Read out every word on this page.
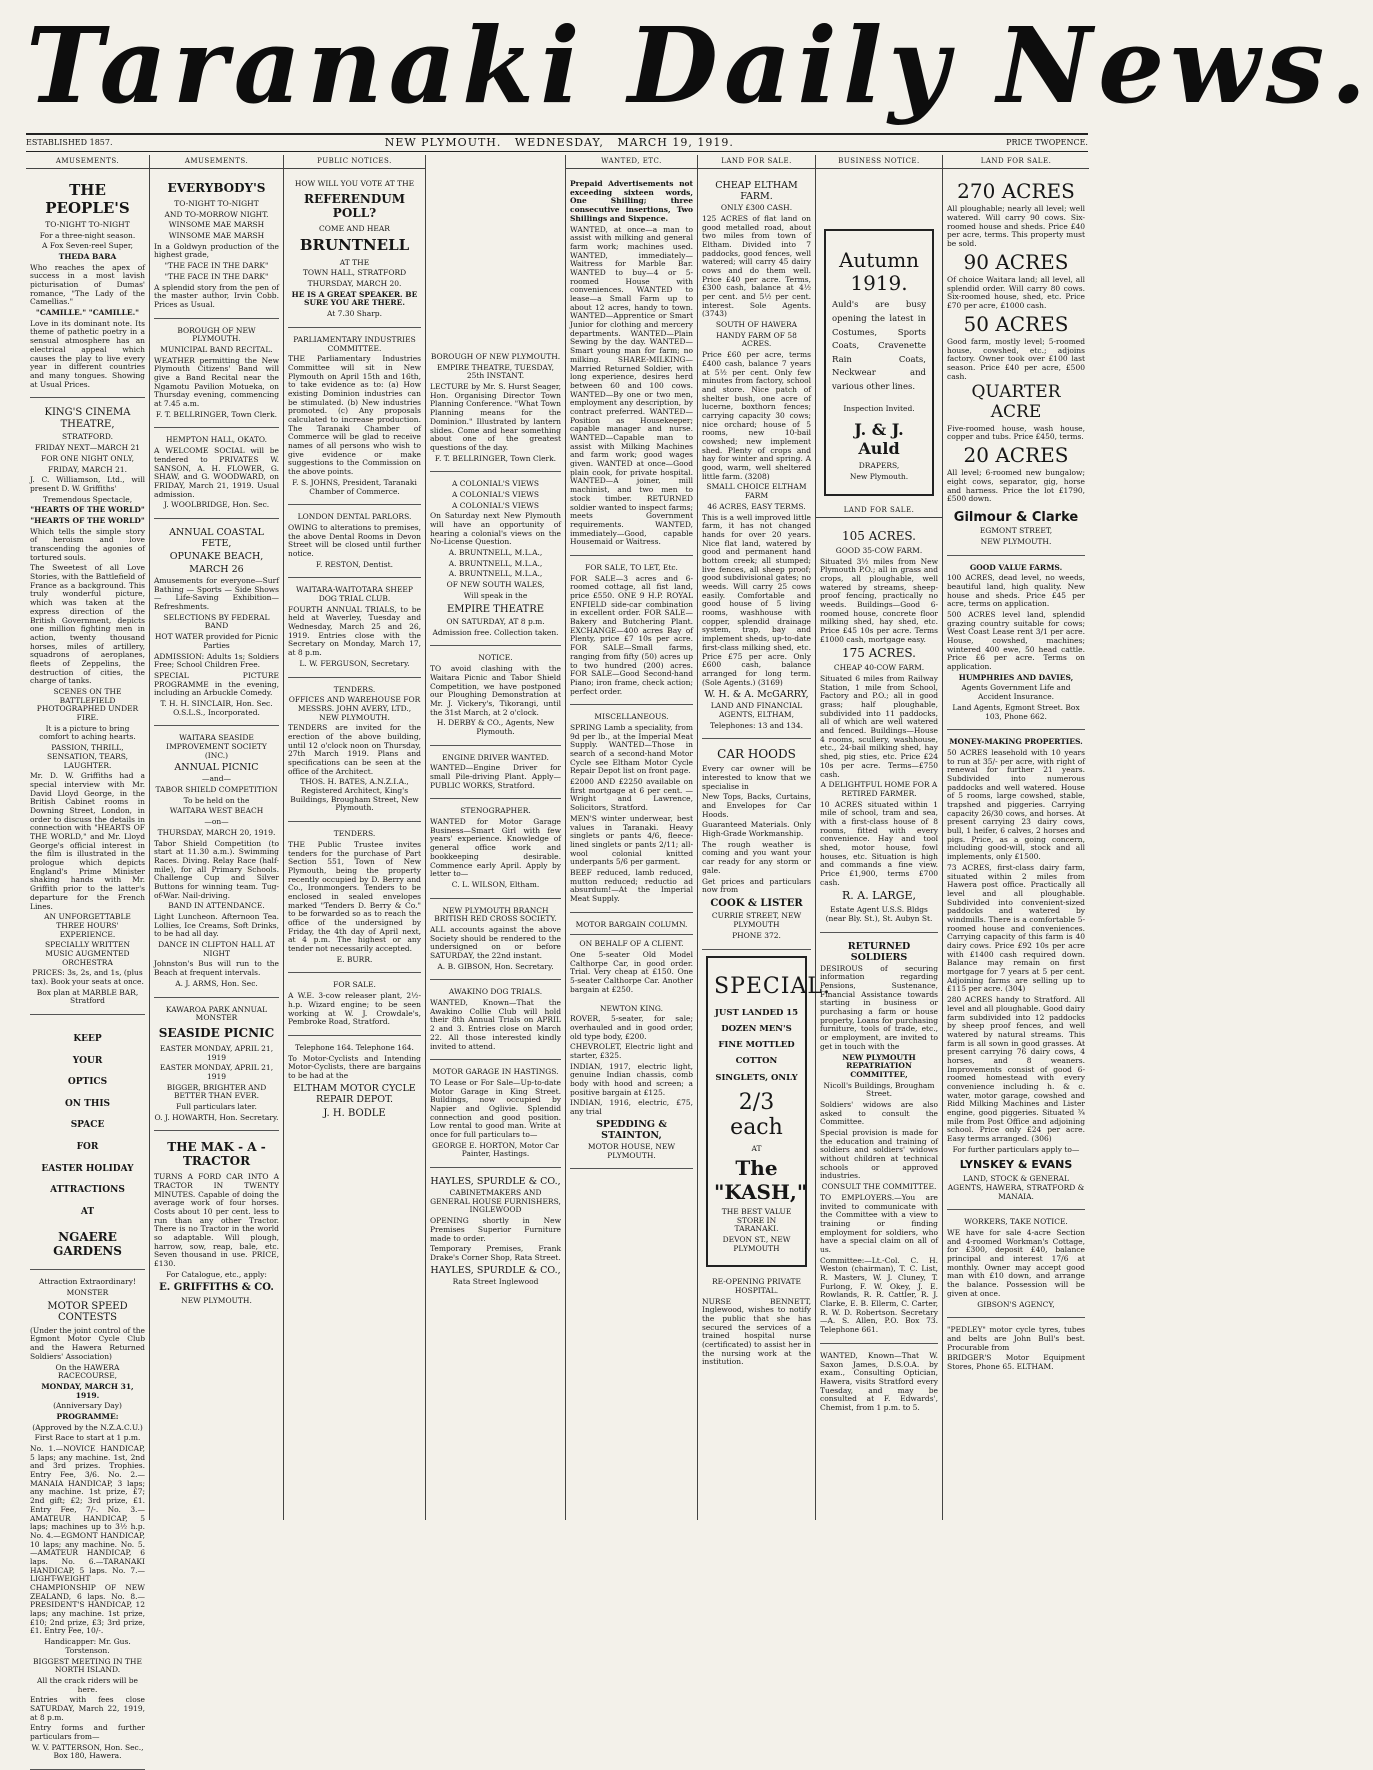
Taranaki Daily News.
ESTABLISHED 1857.	NEW PLYMOUTH. WEDNESDAY, MARCH 19, 1919.	PRICE TWOPENCE.
AMUSEMENTS.
THE PEOPLE'S
TO-NIGHT TO-NIGHT
For a three-night season.
A Fox Seven-reel Super,
THEDA BARA
Who reaches the apex of success in a most lavish picturisation of Dumas' romance, "The Lady of the Camellias."
"CAMILLE." "CAMILLE."
Love in its dominant note. Its theme of pathetic poetry in a sensual atmosphere has an electrical appeal which causes the play to live every year in different countries and many tongues. Showing at Usual Prices.
KING'S CINEMA THEATRE,
STRATFORD.
FRIDAY NEXT—MARCH 21
FOR ONE NIGHT ONLY,
FRIDAY, MARCH 21.
J. C. Williamson, Ltd., will present D. W. Griffiths'
Tremendous Spectacle,
"HEARTS OF THE WORLD"
"HEARTS OF THE WORLD"
Which tells the simple story of heroism and love transcending the agonies of tortured souls.
The Sweetest of all Love Stories, with the Battlefield of France as a background. This truly wonderful picture, which was taken at the express direction of the British Government, depicts one million fighting men in action, twenty thousand horses, miles of artillery, squadrons of aeroplanes, fleets of Zeppelins, the destruction of cities, the charge of tanks.
SCENES ON THE BATTLEFIELD PHOTOGRAPHED UNDER FIRE.
It is a picture to bring comfort to aching hearts.
PASSION, THRILL, SENSATION, TEARS, LAUGHTER.
Mr. D. W. Griffiths had a special interview with Mr. David Lloyd George, in the British Cabinet rooms in Downing Street, London, in order to discuss the details in connection with "HEARTS OF THE WORLD," and Mr. Lloyd George's official interest in the film is illustrated in the prologue which depicts England's Prime Minister shaking hands with Mr. Griffith prior to the latter's departure for the French Lines.
AN UNFORGETTABLE THREE HOURS' EXPERIENCE.
SPECIALLY WRITTEN MUSIC AUGMENTED ORCHESTRA
PRICES: 3s, 2s, and 1s, (plus tax). Book your seats at once.
Box plan at MARBLE BAR, Stratford
KEEP
YOUR
OPTICS
ON THIS
SPACE
FOR
EASTER HOLIDAY
ATTRACTIONS
AT
NGAERE GARDENS
Attraction Extraordinary!
MONSTER
MOTOR SPEED CONTESTS
(Under the joint control of the Egmont Motor Cycle Club and the Hawera Returned Soldiers' Association)
On the HAWERA RACECOURSE,
MONDAY, MARCH 31, 1919.
(Anniversary Day)
PROGRAMME:
(Approved by the N.Z.A.C.U.)
First Race to start at 1 p.m.
No. 1.—NOVICE HANDICAP, 5 laps; any machine. 1st, 2nd and 3rd prizes. Trophies. Entry Fee, 3/6. No. 2.—MANAIA HANDICAP, 3 laps; any machine. 1st prize, £7; 2nd gift; £2; 3rd prize, £1. Entry Fee, 7/-. No. 3.—AMATEUR HANDICAP, 5 laps; machines up to 3½ h.p. No. 4.—EGMONT HANDICAP, 10 laps; any machine. No. 5.—AMATEUR HANDICAP, 6 laps. No. 6.—TARANAKI HANDICAP, 5 laps. No. 7.—LIGHT-WEIGHT CHAMPIONSHIP OF NEW ZEALAND, 6 laps. No. 8.—PRESIDENT'S HANDICAP, 12 laps; any machine. 1st prize, £10; 2nd prize, £3; 3rd prize, £1. Entry Fee, 10/-.
Handicapper: Mr. Gus. Torstenson.
BIGGEST MEETING IN THE NORTH ISLAND.
All the crack riders will be here.
Entries with fees close SATURDAY, March 22, 1919, at 8 p.m.
Entry forms and further particulars from—
W. V. PATTERSON, Hon. Sec., Box 180, Hawera.
AMUSEMENTS.
EVERYBODY'S
TO-NIGHT TO-NIGHT
AND TO-MORROW NIGHT.
WINSOME MAE MARSH
WINSOME MAE MARSH
In a Goldwyn production of the highest grade,
"THE FACE IN THE DARK"
"THE FACE IN THE DARK"
A splendid story from the pen of the master author, Irvin Cobb. Prices as Usual.
BOROUGH OF NEW PLYMOUTH.
MUNICIPAL BAND RECITAL.
WEATHER permitting the New Plymouth Citizens' Band will give a Band Recital near the Ngamotu Pavilion Motueka, on Thursday evening, commencing at 7.45 a.m.
F. T. BELLRINGER, Town Clerk.
HEMPTON HALL, OKATO.
A WELCOME SOCIAL will be tendered to PRIVATES W. SANSON, A. H. FLOWER, G. SHAW, and G. WOODWARD, on FRIDAY, March 21, 1919. Usual admission.
J. WOOLBRIDGE, Hon. Sec.
ANNUAL COASTAL FETE,
OPUNAKE BEACH,
MARCH 26
Amusements for everyone—Surf Bathing — Sports — Side Shows — Life-Saving Exhibition—Refreshments.
SELECTIONS BY FEDERAL BAND
HOT WATER provided for Picnic Parties
ADMISSION: Adults 1s; Soldiers Free; School Children Free.
SPECIAL PICTURE PROGRAMME in the evening, including an Arbuckle Comedy.
T. H. H. SINCLAIR, Hon. Sec. O.S.L.S., Incorporated.
WAITARA SEASIDE IMPROVEMENT SOCIETY (INC.)
ANNUAL PICNIC
—and—
TABOR SHIELD COMPETITION
To be held on the
WAITARA WEST BEACH
—on—
THURSDAY, MARCH 20, 1919.
Tabor Shield Competition (to start at 11.30 a.m.). Swimming Races. Diving. Relay Race (half-mile), for all Primary Schools. Challenge Cup and Silver Buttons for winning team. Tug-of-War. Nail-driving.
BAND IN ATTENDANCE.
Light Luncheon. Afternoon Tea. Lollies, Ice Creams, Soft Drinks, to be had all day.
DANCE IN CLIFTON HALL AT NIGHT
Johnston's Bus will run to the Beach at frequent intervals.
A. J. ARMS, Hon. Sec.
KAWAROA PARK ANNUAL MONSTER
SEASIDE PICNIC
EASTER MONDAY, APRIL 21, 1919
EASTER MONDAY, APRIL 21, 1919
BIGGER, BRIGHTER AND BETTER THAN EVER.
Full particulars later.
O. J. HOWARTH, Hon. Secretary.
THE MAK - A - TRACTOR
TURNS A FORD CAR INTO A TRACTOR IN TWENTY MINUTES. Capable of doing the average work of four horses. Costs about 10 per cent. less to run than any other Tractor. There is no Tractor in the world so adaptable. Will plough, harrow, sow, reap, bale, etc. Seven thousand in use. PRICE, £130.
For Catalogue, etc., apply:
E. GRIFFITHS & CO.
NEW PLYMOUTH.
PUBLIC NOTICES.
HOW WILL YOU VOTE AT THE
REFERENDUM POLL?
COME AND HEAR
BRUNTNELL
AT THE
TOWN HALL, STRATFORD
THURSDAY, MARCH 20.
HE IS A GREAT SPEAKER. BE SURE YOU ARE THERE.
At 7.30 Sharp.
PARLIAMENTARY INDUSTRIES COMMITTEE.
THE Parliamentary Industries Committee will sit in New Plymouth on April 15th and 16th, to take evidence as to: (a) How existing Dominion industries can be stimulated. (b) New industries promoted. (c) Any proposals calculated to increase production. The Taranaki Chamber of Commerce will be glad to receive names of all persons who wish to give evidence or make suggestions to the Commission on the above points.
F. S. JOHNS, President, Taranaki Chamber of Commerce.
LONDON DENTAL PARLORS.
OWING to alterations to premises, the above Dental Rooms in Devon Street will be closed until further notice.
F. RESTON, Dentist.
WAITARA-WAITOTARA SHEEP DOG TRIAL CLUB.
FOURTH ANNUAL TRIALS, to be held at Waverley, Tuesday and Wednesday, March 25 and 26, 1919. Entries close with the Secretary on Monday, March 17, at 8 p.m.
L. W. FERGUSON, Secretary.
TENDERS.
OFFICES AND WAREHOUSE FOR MESSRS. JOHN AVERY, LTD., NEW PLYMOUTH.
TENDERS are invited for the erection of the above building, until 12 o'clock noon on Thursday, 27th March 1919. Plans and specifications can be seen at the office of the Architect.
THOS. H. BATES, A.N.Z.I.A., Registered Architect, King's Buildings, Brougham Street, New Plymouth.
TENDERS.
THE Public Trustee invites tenders for the purchase of Part Section 551, Town of New Plymouth, being the property recently occupied by D. Berry and Co., Ironmongers. Tenders to be enclosed in sealed envelopes marked "Tenders D. Berry & Co." to be forwarded so as to reach the office of the undersigned by Friday, the 4th day of April next, at 4 p.m. The highest or any tender not necessarily accepted.
E. BURR.
FOR SALE.
A W.E. 3-cow releaser plant, 2½-h.p. Wizard engine; to be seen working at W. J. Crowdale's, Pembroke Road, Stratford.
Telephone 164. Telephone 164.
To Motor-Cyclists and Intending Motor-Cyclists, there are bargains to be had at the
ELTHAM MOTOR CYCLE REPAIR DEPOT.
J. H. BODLE
BOROUGH OF NEW PLYMOUTH.
EMPIRE THEATRE, TUESDAY, 25th INSTANT.
LECTURE by Mr. S. Hurst Seager, Hon. Organising Director Town Planning Conference. "What Town Planning means for the Dominion." Illustrated by lantern slides. Come and hear something about one of the greatest questions of the day.
F. T. BELLRINGER, Town Clerk.
A COLONIAL'S VIEWS
A COLONIAL'S VIEWS
A COLONIAL'S VIEWS
On Saturday next New Plymouth will have an opportunity of hearing a colonial's views on the No-License Question.
A. BRUNTNELL, M.L.A.,
A. BRUNTNELL, M.L.A.,
A. BRUNTNELL, M.L.A.,
OF NEW SOUTH WALES,
Will speak in the
EMPIRE THEATRE
ON SATURDAY, AT 8 p.m.
Admission free. Collection taken.
NOTICE.
TO avoid clashing with the Waitara Picnic and Tabor Shield Competition, we have postponed our Ploughing Demonstration at Mr. J. Vickery's, Tikorangi, until the 31st March, at 2 o'clock.
H. DERBY & CO., Agents, New Plymouth.
ENGINE DRIVER WANTED.
WANTED—Engine Driver for small Pile-driving Plant. Apply— PUBLIC WORKS, Stratford.
STENOGRAPHER.
WANTED for Motor Garage Business—Smart Girl with few years' experience. Knowledge of general office work and bookkeeping desirable. Commence early April. Apply by letter to—
C. L. WILSON, Eltham.
NEW PLYMOUTH BRANCH BRITISH RED CROSS SOCIETY.
ALL accounts against the above Society should be rendered to the undersigned on or before SATURDAY, the 22nd instant.
A. B. GIBSON, Hon. Secretary.
AWAKINO DOG TRIALS.
WANTED, Known—That the Awakino Collie Club will hold their 8th Annual Trials on APRIL 2 and 3. Entries close on March 22. All those interested kindly invited to attend.
MOTOR GARAGE IN HASTINGS.
TO Lease or For Sale—Up-to-date Motor Garage in King Street. Buildings, now occupied by Napier and Oglivie. Splendid connection and good position. Low rental to good man. Write at once for full particulars to—
GEORGE E. HORTON, Motor Car Painter, Hastings.
HAYLES, SPURDLE & CO.,
CABINETMAKERS AND GENERAL HOUSE FURNISHERS, INGLEWOOD
OPENING shortly in New Premises Superior Furniture made to order.
Temporary Premises, Frank Drake's Corner Shop, Rata Street.
HAYLES, SPURDLE & CO.,
Rata Street Inglewood
WANTED, ETC.
Prepaid Advertisements not exceeding sixteen words, One Shilling; three consecutive insertions, Two Shillings and Sixpence.
WANTED, at once—a man to assist with milking and general farm work; machines used. WANTED, immediately—Waitress for Marble Bar. WANTED to buy—4 or 5-roomed House with conveniences. WANTED to lease—a Small Farm up to about 12 acres, handy to town. WANTED—Apprentice or Smart Junior for clothing and mercery departments. WANTED—Plain Sewing by the day. WANTED—Smart young man for farm; no milking. SHARE-MILKING—Married Returned Soldier, with long experience, desires herd between 60 and 100 cows. WANTED—By one or two men, employment any description, by contract preferred. WANTED—Position as Housekeeper; capable manager and nurse. WANTED—Capable man to assist with Milking Machines and farm work; good wages given. WANTED at once—Good plain cook, for private hospital. WANTED—A joiner, mill machinist, and two men to stock timber. RETURNED soldier wanted to inspect farms; meets Government requirements. WANTED, immediately—Good, capable Housemaid or Waitress.
FOR SALE, TO LET, Etc.
FOR SALE—3 acres and 6-roomed cottage, all fist land, price £550. ONE 9 H.P. ROYAL ENFIELD side-car combination in excellent order. FOR SALE—Bakery and Butchering Plant. EXCHANGE—400 acres Bay of Plenty, price £7 10s per acre. FOR SALE—Small farms, ranging from fifty (50) acres up to two hundred (200) acres. FOR SALE—Good Second-hand Piano; iron frame, check action; perfect order.
MISCELLANEOUS.
SPRING Lamb a speciality, from 9d per lb., at the Imperial Meat Supply. WANTED—Those in search of a second-hand Motor Cycle see Eltham Motor Cycle Repair Depot list on front page.
£2000 AND £2250 available on first mortgage at 6 per cent. —Wright and Lawrence, Solicitors, Stratford.
MEN'S winter underwear, best values in Taranaki. Heavy singlets or pants 4/6, fleece-lined singlets or pants 2/11; all-wool colonial knitted underpants 5/6 per garment.
BEEF reduced, lamb reduced, mutton reduced; reductio ad absurdum!—At the Imperial Meat Supply.
MOTOR BARGAIN COLUMN.
ON BEHALF OF A CLIENT.
One 5-seater Old Model Calthorpe Car, in good order. Trial. Very cheap at £150. One 5-seater Calthorpe Car. Another bargain at £250.
NEWTON KING.
ROVER, 5-seater, for sale; overhauled and in good order, old type body, £200.
CHEVROLET, Electric light and starter, £325.
INDIAN, 1917, electric light, genuine Indian chassis, comb body with hood and screen; a positive bargain at £125.
INDIAN, 1916, electric, £75, any trial
SPEDDING & STAINTON,
MOTOR HOUSE, NEW PLYMOUTH.
LAND FOR SALE.
CHEAP ELTHAM FARM.
ONLY £300 CASH.
125 ACRES of flat land on good metalled road, about two miles from town of Eltham. Divided into 7 paddocks, good fences, well watered; will carry 45 dairy cows and do them well. Price £40 per acre. Terms, £300 cash, balance at 4½ per cent. and 5½ per cent. interest. Sole Agents. (3743)
SOUTH OF HAWERA
HANDY FARM OF 58 ACRES.
Price £60 per acre, terms £400 cash, balance 7 years at 5½ per cent. Only few minutes from factory, school and store. Nice patch of shelter bush, one acre of lucerne, boxthorn fences; carrying capacity 30 cows; nice orchard; house of 5 rooms, new 10-bail cowshed; new implement shed. Plenty of crops and hay for winter and spring. A good, warm, well sheltered little farm. (3208)
SMALL CHOICE ELTHAM FARM
46 ACRES, EASY TERMS.
This is a well improved little farm, it has not changed hands for over 20 years. Nice flat land, watered by good and permanent hand bottom creek; all stumped; live fences, all sheep proof; good subdivisional gates; no weeds. Will carry 25 cows easily. Comfortable and good house of 5 living rooms, washhouse with copper, splendid drainage system, trap, bay and implement sheds, up-to-date first-class milking shed, etc. Price £75 per acre. Only £600 cash, balance arranged for long term. (Sole Agents.) (3169)
W. H. & A. McGARRY,
LAND AND FINANCIAL AGENTS, ELTHAM,
Telephones: 13 and 134.
CAR HOODS
Every car owner will be interested to know that we specialise in
New Tops, Backs, Curtains, and Envelopes for Car Hoods.
Guaranteed Materials. Only High-Grade Workmanship.
The rough weather is coming and you want your car ready for any storm or gale.
Get prices and particulars now from
COOK & LISTER
CURRIE STREET, NEW PLYMOUTH
PHONE 372.
SPECIAL.
JUST LANDED 15 DOZEN MEN'S FINE MOTTLED COTTON SINGLETS, ONLY
2/3 each
AT
The "KASH,"
THE BEST VALUE STORE IN TARANAKI.
DEVON ST., NEW PLYMOUTH
RE-OPENING PRIVATE HOSPITAL.
NURSE BENNETT, Inglewood, wishes to notify the public that she has secured the services of a trained hospital nurse (certificated) to assist her in the nursing work at the institution.
BUSINESS NOTICE.
Autumn 1919.
Auld's are busy opening the latest in Costumes, Sports Coats, Cravenette Rain Coats, Neckwear and various other lines.
Inspection Invited.
J. & J. Auld
DRAPERS,
New Plymouth.
LAND FOR SALE.
105 ACRES.
GOOD 35-COW FARM.
Situated 3½ miles from New Plymouth P.O.; all in grass and crops, all ploughable, well watered by streams, sheep-proof fencing, practically no weeds. Buildings—Good 6-roomed house, concrete floor milking shed, hay shed, etc. Price £45 10s per acre. Terms £1000 cash, mortgage easy.
175 ACRES.
CHEAP 40-COW FARM.
Situated 6 miles from Railway Station, 1 mile from School, Factory and P.O.; all in good grass; half ploughable, subdivided into 11 paddocks, all of which are well watered and fenced. Buildings—House 4 rooms, scullery, washhouse, etc., 24-bail milking shed, hay shed, pig sties, etc. Price £24 10s per acre. Terms—£750 cash.
A DELIGHTFUL HOME FOR A RETIRED FARMER.
10 ACRES situated within 1 mile of school, tram and sea, with a first-class house of 8 rooms, fitted with every convenience. Hay and tool shed, motor house, fowl houses, etc. Situation is high and commands a fine view. Price £1,900, terms £700 cash.
R. A. LARGE,
Estate Agent U.S.S. Bldgs (near Bly. St.), St. Aubyn St.
RETURNED SOLDIERS
DESIROUS of securing information regarding Pensions, Sustenance, Financial Assistance towards starting in business or purchasing a farm or house property, Loans for purchasing furniture, tools of trade, etc., or employment, are invited to get in touch with the
NEW PLYMOUTH REPATRIATION COMMITTEE,
Nicoll's Buildings, Brougham Street.
Soldiers' widows are also asked to consult the Committee.
Special provision is made for the education and training of soldiers and soldiers' widows without children at technical schools or approved industries.
CONSULT THE COMMITTEE.
TO EMPLOYERS.—You are invited to communicate with the Committee with a view to training or finding employment for soldiers, who have a special claim on all of us.
Committee:—Lt.-Col. C. H. Weston (chairman), T. C. List, R. Masters, W. J. Cluney, T. Furlong, F. W. Okey, J. E. Rowlands, R. R. Cattler, R. J. Clarke, E. B. Ellerm, C. Carter, R. W. D. Robertson. Secretary—A. S. Allen, P.O. Box 73. Telephone 661.
WANTED, Known—That W. Saxon James, D.S.O.A. by exam., Consulting Optician, Hawera, visits Stratford every Tuesday, and may be consulted at F. Edwards', Chemist, from 1 p.m. to 5.
LAND FOR SALE.
270 ACRES
All ploughable; nearly all level; well watered. Will carry 90 cows. Six-roomed house and sheds. Price £40 per acre, terms. This property must be sold.
90 ACRES
Of choice Waitara land; all level, all splendid order. Will carry 80 cows. Six-roomed house, shed, etc. Price £70 per acre, £1000 cash.
50 ACRES
Good farm, mostly level; 5-roomed house, cowshed, etc.; adjoins factory. Owner took over £100 last season. Price £40 per acre, £500 cash.
QUARTER ACRE
Five-roomed house, wash house, copper and tubs. Price £450, terms.
20 ACRES
All level; 6-roomed new bungalow; eight cows, separator, gig, horse and harness. Price the lot £1790, £500 down.
Gilmour & Clarke
EGMONT STREET,
NEW PLYMOUTH.
GOOD VALUE FARMS.
100 ACRES, dead level, no weeds, beautiful land, high quality. New house and sheds. Price £45 per acre, terms on application.
500 ACRES level land, splendid grazing country suitable for cows; West Coast Lease rent 3/1 per acre. House, cowshed, machines; wintered 400 ewe, 50 head cattle. Price £6 per acre. Terms on application.
HUMPHRIES AND DAVIES,
Agents Government Life and Accident Insurance.
Land Agents, Egmont Street. Box 103, Phone 662.
MONEY-MAKING PROPERTIES.
50 ACRES leasehold with 10 years to run at 35/- per acre, with right of renewal for further 21 years. Subdivided into numerous paddocks and well watered. House of 5 rooms, large cowshed, stable, trapshed and piggeries. Carrying capacity 26/30 cows, and horses. At present carrying 23 dairy cows, bull, 1 heifer, 6 calves, 2 horses and pigs. Price, as a going concern, including good-will, stock and all implements, only £1500.
73 ACRES, first-class dairy farm, situated within 2 miles from Hawera post office. Practically all level and all ploughable. Subdivided into convenient-sized paddocks and watered by windmills. There is a comfortable 5-roomed house and conveniences. Carrying capacity of this farm is 40 dairy cows. Price £92 10s per acre with £1400 cash required down. Balance may remain on first mortgage for 7 years at 5 per cent. Adjoining farms are selling up to £115 per acre. (304)
280 ACRES handy to Stratford. All level and all ploughable. Good dairy farm subdivided into 12 paddocks by sheep proof fences, and well watered by natural streams. This farm is all sown in good grasses. At present carrying 76 dairy cows, 4 horses, and 8 weaners. Improvements consist of good 6-roomed homestead with every convenience including h. & c. water, motor garage, cowshed and Ridd Milking Machines and Lister engine, good piggeries. Situated ¾ mile from Post Office and adjoining school. Price only £24 per acre. Easy terms arranged. (306)
For further particulars apply to—
LYNSKEY & EVANS
LAND, STOCK & GENERAL AGENTS, HAWERA, STRATFORD & MANAIA.
WORKERS, TAKE NOTICE.
WE have for sale 4-acre Section and 4-roomed Workman's Cottage, for £300, deposit £40, balance principal and interest 17/6 at monthly. Owner may accept good man with £10 down, and arrange the balance. Possession will be given at once.
GIBSON'S AGENCY,
"PEDLEY" motor cycle tyres, tubes and belts are John Bull's best. Procurable from
BRIDGER'S Motor Equipment Stores, Phone 65. ELTHAM.
